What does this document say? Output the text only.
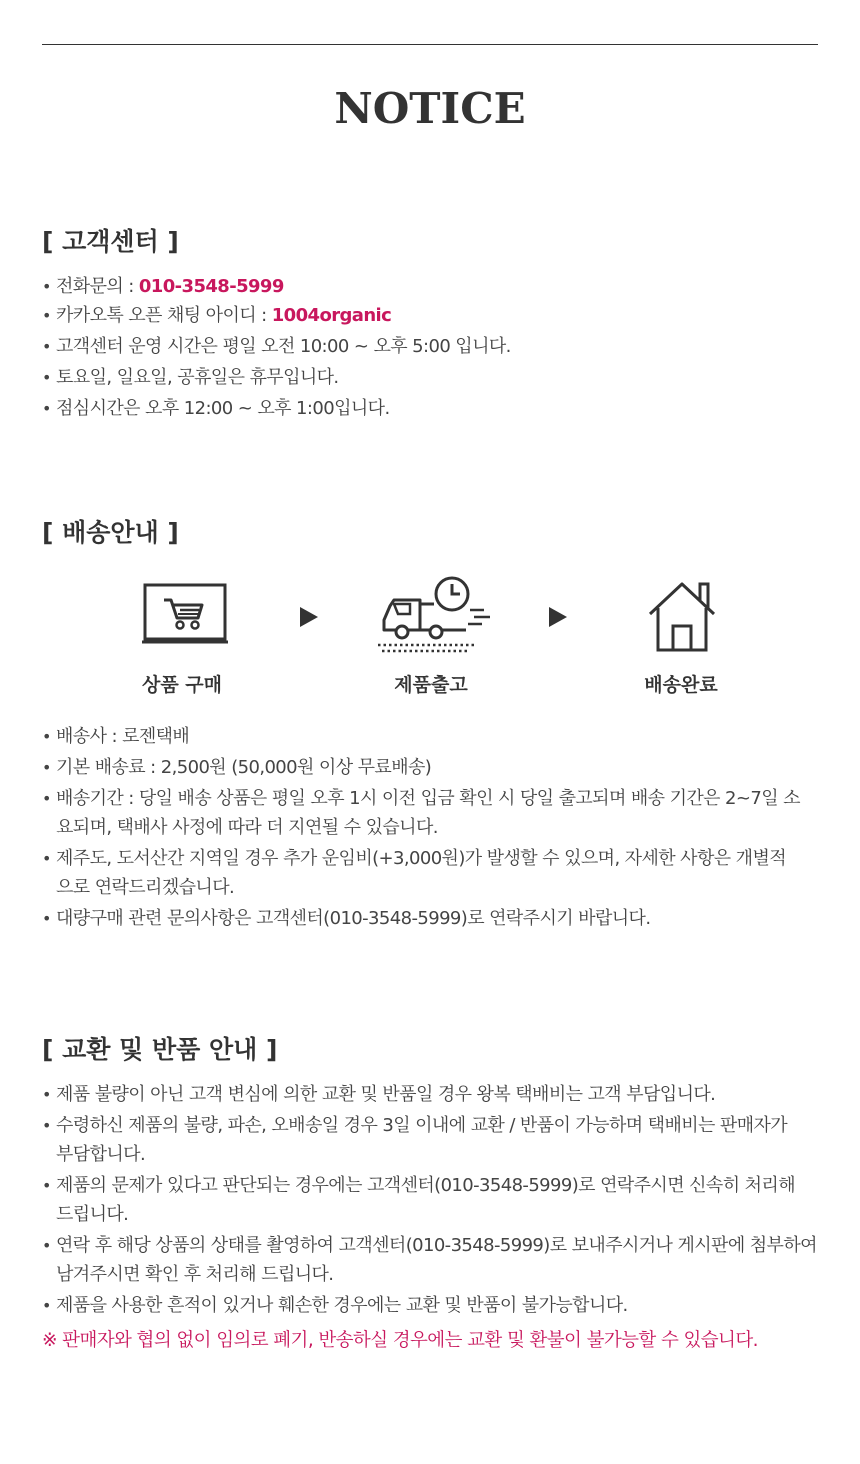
NOTICE
[ 고객센터 ]
• 전화문의 : 010-3548-5999
• 카카오톡 오픈 채팅 아이디 : 1004organic
• 고객센터 운영 시간은 평일 오전 10:00 ~ 오후 5:00 입니다.
• 토요일, 일요일, 공휴일은 휴무입니다.
• 점심시간은 오후 12:00 ~ 오후 1:00입니다.
[ 배송안내 ]
상품 구매	제품출고	배송완료
• 배송사 : 로젠택배
• 기본 배송료 : 2,500원 (50,000원 이상 무료배송)
• 배송기간 : 당일 배송 상품은 평일 오후 1시 이전 입금 확인 시 당일 출고되며 배송 기간은 2~7일 소요되며, 택배사 사정에 따라 더 지연될 수 있습니다.
• 제주도, 도서산간 지역일 경우 추가 운임비(+3,000원)가 발생할 수 있으며, 자세한 사항은 개별적으로 연락드리겠습니다.
• 대량구매 관련 문의사항은 고객센터(010-3548-5999)로 연락주시기 바랍니다.
[ 교환 및 반품 안내 ]
• 제품 불량이 아닌 고객 변심에 의한 교환 및 반품일 경우 왕복 택배비는 고객 부담입니다.
• 수령하신 제품의 불량, 파손, 오배송일 경우 3일 이내에 교환 / 반품이 가능하며 택배비는 판매자가 부담합니다.
• 제품의 문제가 있다고 판단되는 경우에는 고객센터(010-3548-5999)로 연락주시면 신속히 처리해 드립니다.
• 연락 후 해당 상품의 상태를 촬영하여 고객센터(010-3548-5999)로 보내주시거나 게시판에 첨부하여 남겨주시면 확인 후 처리해 드립니다.
• 제품을 사용한 흔적이 있거나 훼손한 경우에는 교환 및 반품이 불가능합니다.
※ 판매자와 협의 없이 임의로 폐기, 반송하실 경우에는 교환 및 환불이 불가능할 수 있습니다.
